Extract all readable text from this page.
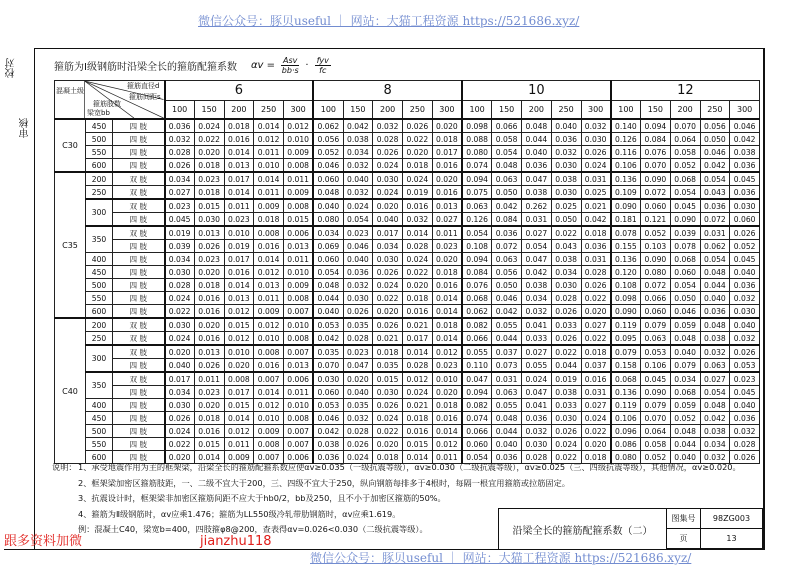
微信公众号：豚贝useful ｜ 网站：大猫工程资源 https://521686.xyz/
校对
审核
箍筋为Ⅰ级钢筋时沿梁全长的箍筋配箍系数 $\alpha v = \frac{\text{Asv}}{bb\cdot s} \cdot \frac{\text{fyv}}{fc}$
混凝土级
箍筋直径d
箍筋间距s
箍筋肢数
梁宽bb			6					8					10					12				
			100	150	200	250	300	100	150	200	250	300	100	150	200	250	300	100	150	200	250	300
C30	450	四 肢	0.036	0.024	0.018	0.014	0.012	0.062	0.042	0.032	0.026	0.020	0.098	0.066	0.048	0.040	0.032	0.140	0.094	0.070	0.056	0.046
	500	四 肢	0.032	0.022	0.016	0.012	0.010	0.056	0.038	0.028	0.022	0.018	0.088	0.058	0.044	0.036	0.030	0.126	0.084	0.064	0.050	0.042
	550	四 肢	0.028	0.020	0.014	0.011	0.009	0.052	0.034	0.026	0.020	0.017	0.080	0.054	0.040	0.032	0.026	0.116	0.076	0.058	0.046	0.038
	600	四 肢	0.026	0.018	0.013	0.010	0.008	0.046	0.032	0.024	0.018	0.016	0.074	0.048	0.036	0.030	0.024	0.106	0.070	0.052	0.042	0.036
C35	200	双 肢	0.034	0.023	0.017	0.014	0.011	0.060	0.040	0.030	0.024	0.020	0.094	0.063	0.047	0.038	0.031	0.136	0.090	0.068	0.054	0.045
	250	双 肢	0.027	0.018	0.014	0.011	0.009	0.048	0.032	0.024	0.019	0.016	0.075	0.050	0.038	0.030	0.025	0.109	0.072	0.054	0.043	0.036
	300	双 肢	0.023	0.015	0.011	0.009	0.008	0.040	0.024	0.020	0.016	0.013	0.063	0.042	0.262	0.025	0.021	0.090	0.060	0.045	0.036	0.030
		四 肢	0.045	0.030	0.023	0.018	0.015	0.080	0.054	0.040	0.032	0.027	0.126	0.084	0.031	0.050	0.042	0.181	0.121	0.090	0.072	0.060
	350	双 肢	0.019	0.013	0.010	0.008	0.006	0.034	0.023	0.017	0.014	0.011	0.054	0.036	0.027	0.022	0.018	0.078	0.052	0.039	0.031	0.026
		四 肢	0.039	0.026	0.019	0.016	0.013	0.069	0.046	0.034	0.028	0.023	0.108	0.072	0.054	0.043	0.036	0.155	0.103	0.078	0.062	0.052
	400	四 肢	0.034	0.023	0.017	0.014	0.011	0.060	0.040	0.030	0.024	0.020	0.094	0.063	0.047	0.038	0.031	0.136	0.090	0.068	0.054	0.045
	450	四 肢	0.030	0.020	0.016	0.012	0.010	0.054	0.036	0.026	0.022	0.018	0.084	0.056	0.042	0.034	0.028	0.120	0.080	0.060	0.048	0.040
	500	四 肢	0.028	0.018	0.014	0.013	0.009	0.048	0.032	0.024	0.020	0.016	0.076	0.050	0.038	0.030	0.026	0.108	0.072	0.054	0.044	0.036
	550	四 肢	0.024	0.016	0.013	0.011	0.008	0.044	0.030	0.022	0.018	0.014	0.068	0.046	0.034	0.028	0.022	0.098	0.066	0.050	0.040	0.032
	600	四 肢	0.022	0.016	0.012	0.009	0.007	0.040	0.026	0.020	0.016	0.014	0.062	0.042	0.032	0.026	0.020	0.090	0.060	0.046	0.036	0.030
C40	200	双 肢	0.030	0.020	0.015	0.012	0.010	0.053	0.035	0.026	0.021	0.018	0.082	0.055	0.041	0.033	0.027	0.119	0.079	0.059	0.048	0.040
	250	双 肢	0.024	0.016	0.012	0.010	0.008	0.042	0.028	0.021	0.017	0.014	0.066	0.044	0.033	0.026	0.022	0.095	0.063	0.048	0.038	0.032
	300	双 肢	0.020	0.013	0.010	0.008	0.007	0.035	0.023	0.018	0.014	0.012	0.055	0.037	0.027	0.022	0.018	0.079	0.053	0.040	0.032	0.026
		四 肢	0.040	0.026	0.020	0.016	0.013	0.070	0.047	0.035	0.028	0.023	0.110	0.073	0.055	0.044	0.037	0.158	0.106	0.079	0.063	0.053
	350	双 肢	0.017	0.011	0.008	0.007	0.006	0.030	0.020	0.015	0.012	0.010	0.047	0.031	0.024	0.019	0.016	0.068	0.045	0.034	0.027	0.023
		四 肢	0.034	0.023	0.017	0.014	0.011	0.060	0.040	0.030	0.024	0.020	0.094	0.063	0.047	0.038	0.031	0.136	0.090	0.068	0.054	0.045
	400	四 肢	0.030	0.020	0.015	0.012	0.010	0.053	0.035	0.026	0.021	0.018	0.082	0.055	0.041	0.033	0.027	0.119	0.079	0.059	0.048	0.040
	450	四 肢	0.026	0.018	0.014	0.010	0.008	0.046	0.032	0.024	0.018	0.016	0.074	0.048	0.036	0.030	0.024	0.106	0.070	0.052	0.042	0.036
	500	四 肢	0.024	0.016	0.012	0.009	0.007	0.042	0.028	0.022	0.016	0.014	0.066	0.044	0.032	0.026	0.022	0.096	0.064	0.048	0.038	0.032
	550	四 肢	0.022	0.015	0.011	0.008	0.007	0.038	0.026	0.020	0.015	0.012	0.060	0.040	0.030	0.024	0.020	0.086	0.058	0.044	0.034	0.028
	600	四 肢	0.020	0.014	0.009	0.007	0.006	0.036	0.024	0.018	0.014	0.011	0.054	0.036	0.028	0.022	0.018	0.080	0.052	0.040	0.032	0.026
说明： 1、承受地震作用为主的框架梁，沿梁全长的箍筋配箍系数应使αv≥0.035（一级抗震等级），αv≥0.030（二级抗震等级），αv≥0.025（三、四级抗震等级），其他情况，αv≥0.020。
2、框架梁加密区箍筋肢距，一、二级不宜大于200，三、四级不宜大于250，纵向钢筋每排多于4根时，每隔一根宜用箍筋或拉筋固定。
3、抗震设计时，框架梁非加密区箍筋间距不应大于hb0/2，bb及250，且不小于加密区箍筋的50%。
4、箍筋为Ⅱ级钢筋时，αv应乘1.476；箍筋为LL550级冷轧带肋钢筋时，αv应乘1.619。
例：混凝土C40，梁宽b=400，四肢箍φ8@200，查表得αv=0.026<0.030（二级抗震等级）。	沿梁全长的箍筋配箍系数（二）
图集号	98ZG003
页	13
微信公众号：豚贝useful ｜ 网站：大猫工程资源 https://521686.xyz/
跟多资料加微	jianzhu118
